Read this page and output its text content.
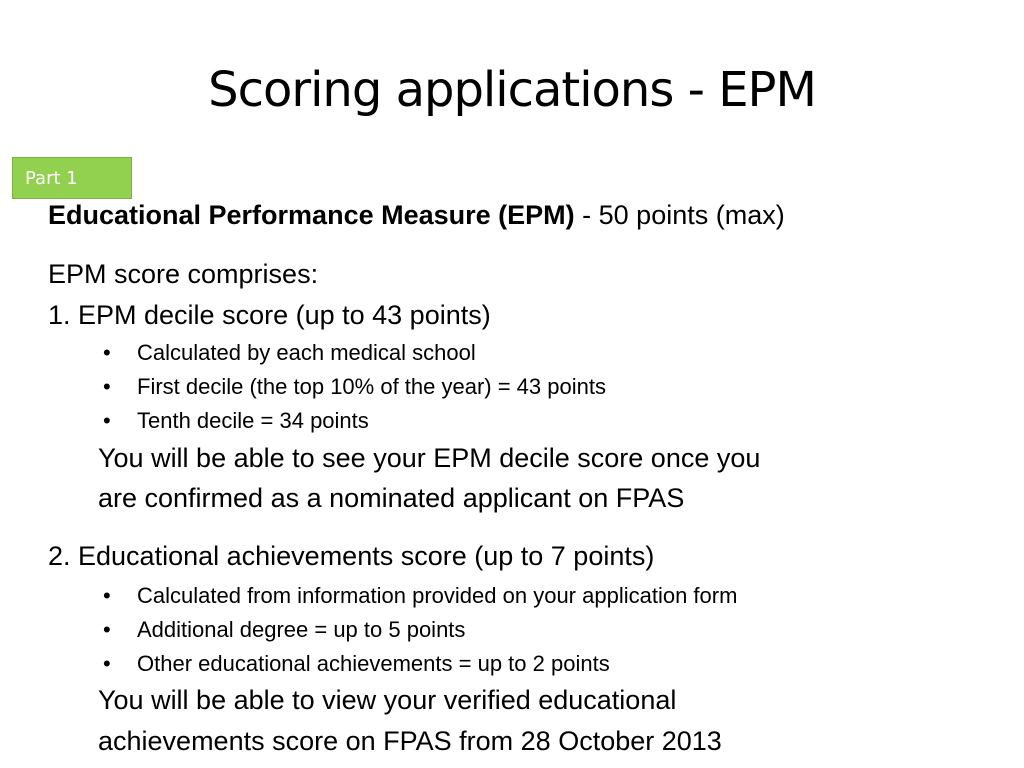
Scoring applications - EPM
Part 1
Educational Performance Measure (EPM) - 50 points (max)
EPM score comprises:
1. EPM decile score (up to 43 points)
• Calculated by each medical school
• First decile (the top 10% of the year) = 43 points
• Tenth decile = 34 points
You will be able to see your EPM decile score once you
are confirmed as a nominated applicant on FPAS
2. Educational achievements score (up to 7 points)
• Calculated from information provided on your application form
• Additional degree = up to 5 points
• Other educational achievements = up to 2 points
You will be able to view your verified educational
achievements score on FPAS from 28 October 2013
